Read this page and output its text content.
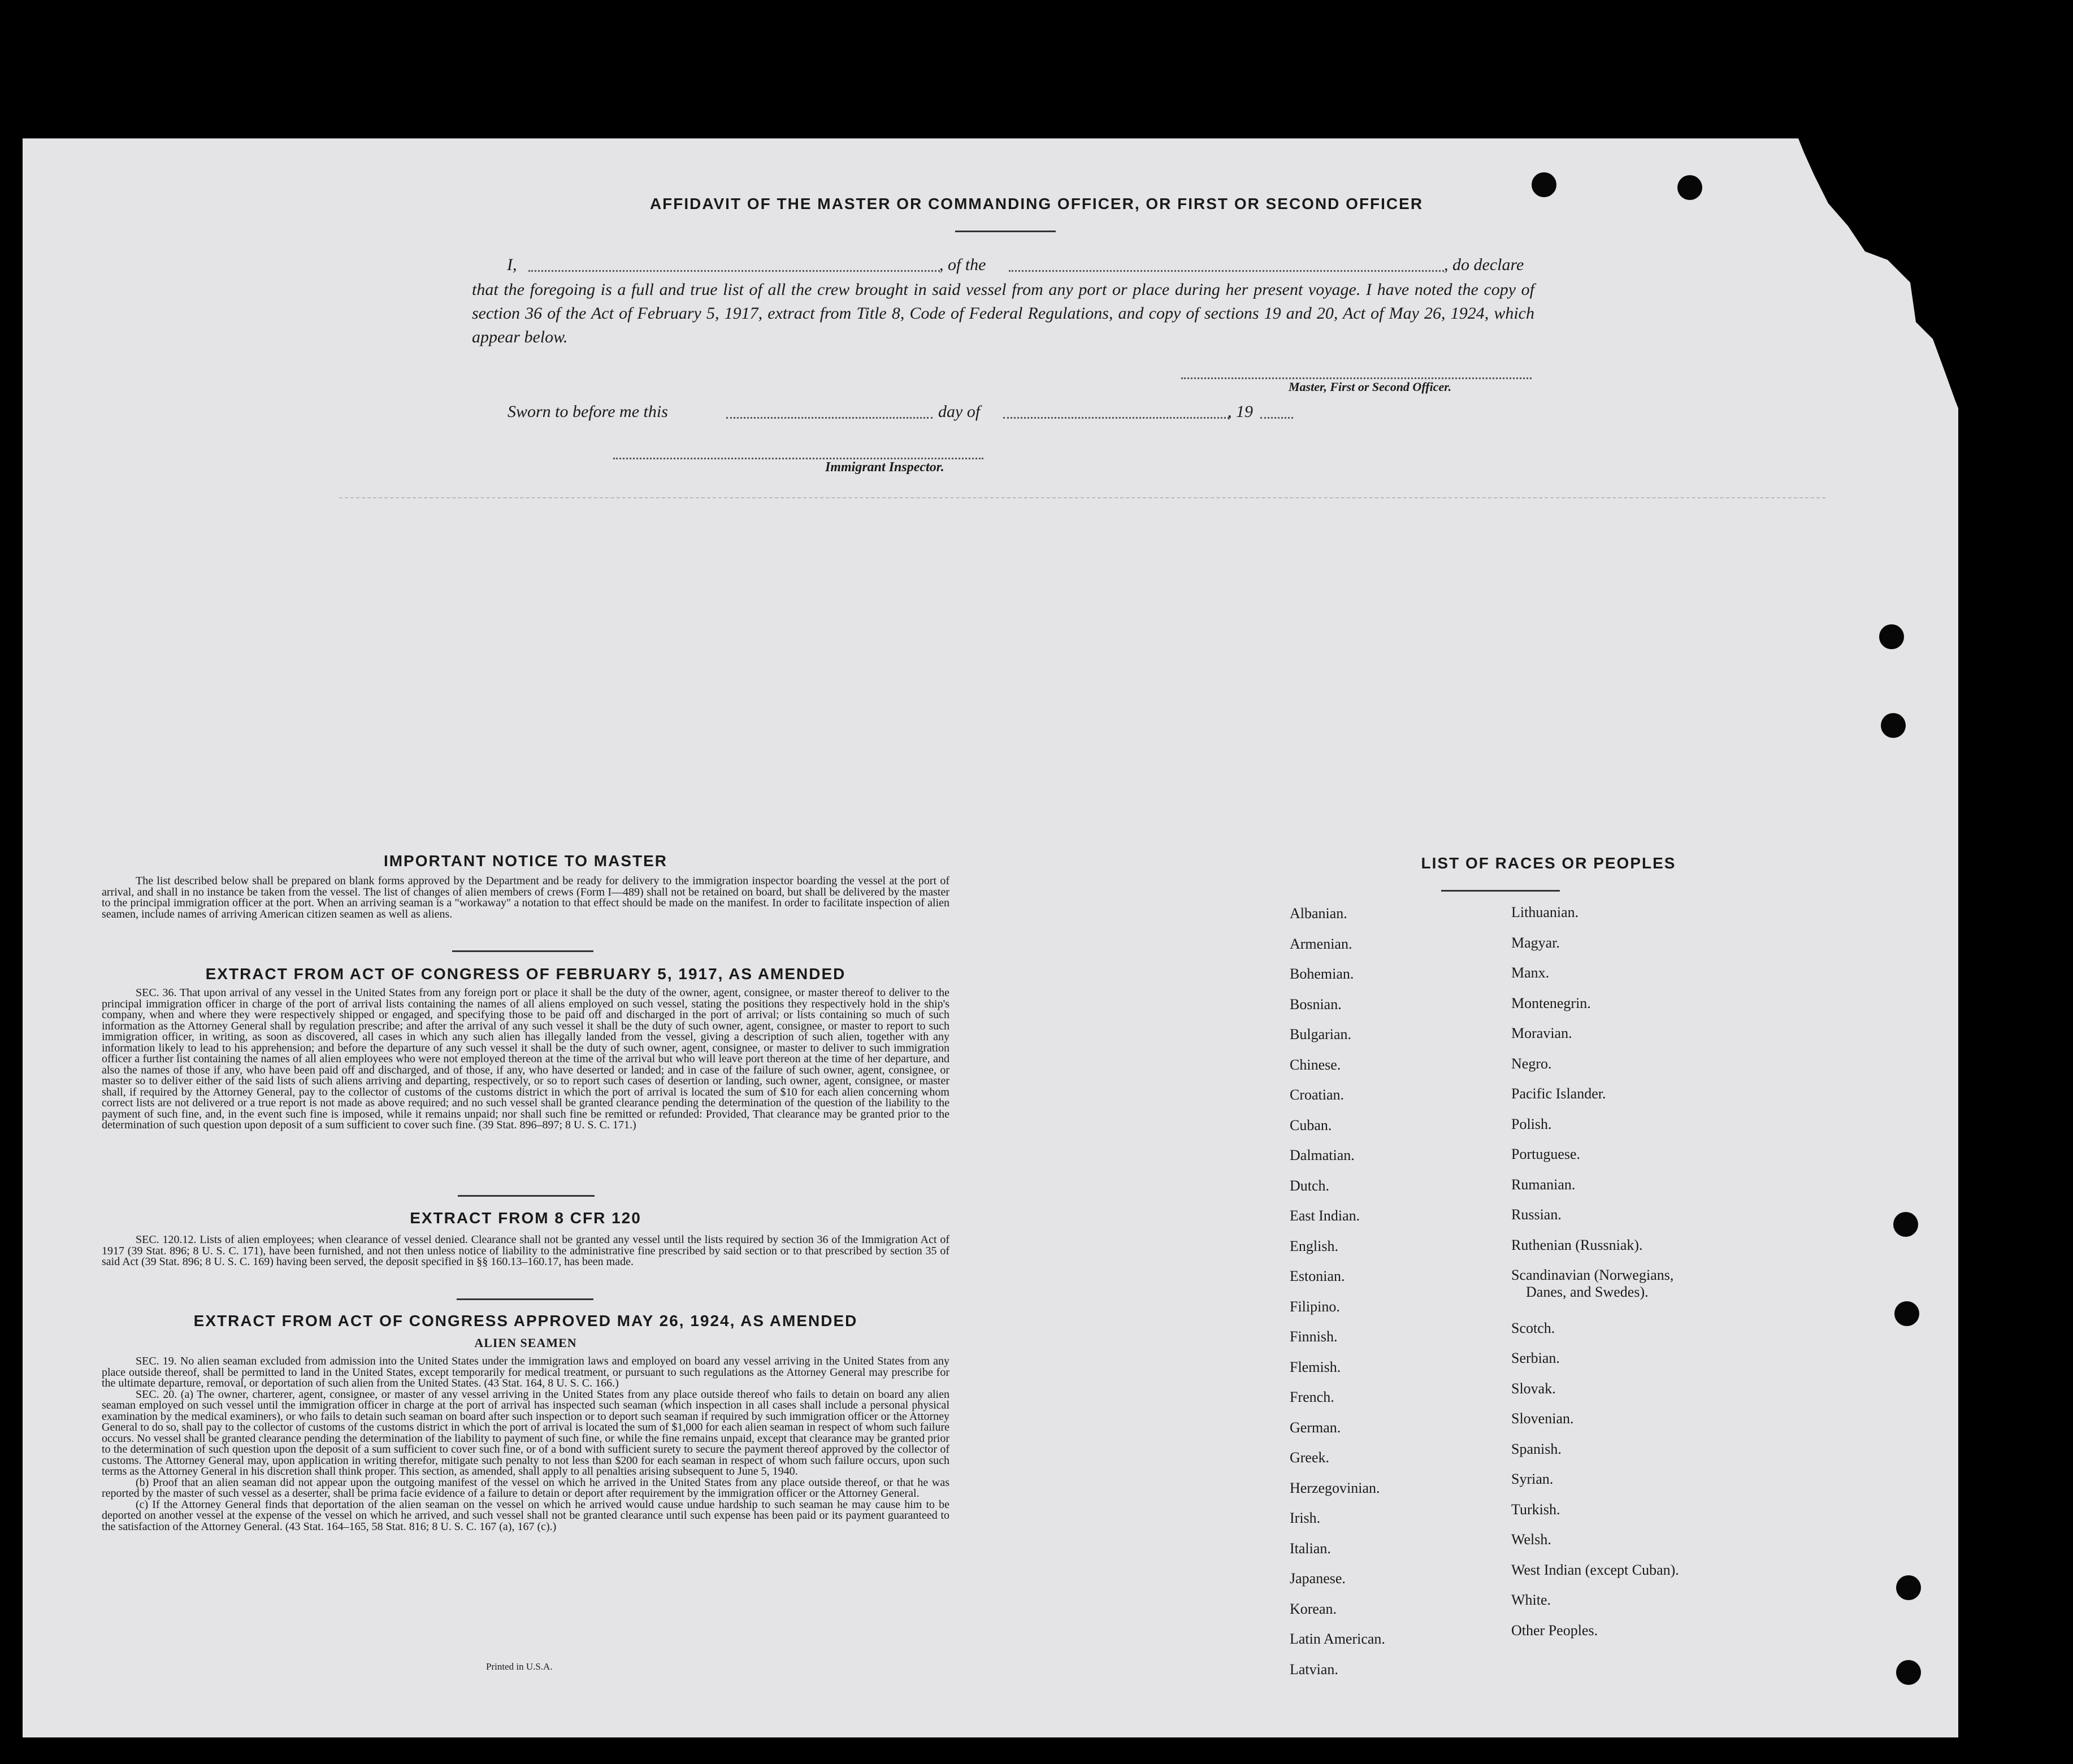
AFFIDAVIT OF THE MASTER OR COMMANDING OFFICER, OR FIRST OR SECOND OFFICER
I,	, of the	, do declare
that the foregoing is a full and true list of all the crew brought in said vessel from any port or place during her present voyage. I have noted the copy of section 36 of the Act of February 5, 1917, extract from Title 8, Code of Federal Regulations, and copy of sections 19 and 20, Act of May 26, 1924, which appear below.
Master, First or Second Officer.
Sworn to before me this	day of	, 19
Immigrant Inspector.
IMPORTANT NOTICE TO MASTER
The list described below shall be prepared on blank forms approved by the Department and be ready for delivery to the immigration inspector boarding the vessel at the port of arrival, and shall in no instance be taken from the vessel. The list of changes of alien members of crews (Form I—489) shall not be retained on board, but shall be delivered by the master to the principal immigration officer at the port. When an arriving seaman is a "workaway" a notation to that effect should be made on the manifest. In order to facilitate inspection of alien seamen, include names of arriving American citizen seamen as well as aliens.
EXTRACT FROM ACT OF CONGRESS OF FEBRUARY 5, 1917, AS AMENDED
SEC. 36. That upon arrival of any vessel in the United States from any foreign port or place it shall be the duty of the owner, agent, consignee, or master thereof to deliver to the principal immigration officer in charge of the port of arrival lists containing the names of all aliens employed on such vessel, stating the positions they respectively hold in the ship's company, when and where they were respectively shipped or engaged, and specifying those to be paid off and discharged in the port of arrival; or lists containing so much of such information as the Attorney General shall by regulation prescribe; and after the arrival of any such vessel it shall be the duty of such owner, agent, consignee, or master to report to such immigration officer, in writing, as soon as discovered, all cases in which any such alien has illegally landed from the vessel, giving a description of such alien, together with any information likely to lead to his apprehension; and before the departure of any such vessel it shall be the duty of such owner, agent, consignee, or master to deliver to such immigration officer a further list containing the names of all alien employees who were not employed thereon at the time of the arrival but who will leave port thereon at the time of her departure, and also the names of those if any, who have been paid off and discharged, and of those, if any, who have deserted or landed; and in case of the failure of such owner, agent, consignee, or master so to deliver either of the said lists of such aliens arriving and departing, respectively, or so to report such cases of desertion or landing, such owner, agent, consignee, or master shall, if required by the Attorney General, pay to the collector of customs of the customs district in which the port of arrival is located the sum of $10 for each alien concerning whom correct lists are not delivered or a true report is not made as above required; and no such vessel shall be granted clearance pending the determination of the question of the liability to the payment of such fine, and, in the event such fine is imposed, while it remains unpaid; nor shall such fine be remitted or refunded: Provided, That clearance may be granted prior to the determination of such question upon deposit of a sum sufficient to cover such fine. (39 Stat. 896–897; 8 U. S. C. 171.)
EXTRACT FROM 8 CFR 120
SEC. 120.12. Lists of alien employees; when clearance of vessel denied. Clearance shall not be granted any vessel until the lists required by section 36 of the Immigration Act of 1917 (39 Stat. 896; 8 U. S. C. 171), have been furnished, and not then unless notice of liability to the administrative fine prescribed by said section or to that prescribed by section 35 of said Act (39 Stat. 896; 8 U. S. C. 169) having been served, the deposit specified in §§ 160.13–160.17, has been made.
EXTRACT FROM ACT OF CONGRESS APPROVED MAY 26, 1924, AS AMENDED
ALIEN SEAMEN
SEC. 19. No alien seaman excluded from admission into the United States under the immigration laws and employed on board any vessel arriving in the United States from any place outside thereof, shall be permitted to land in the United States, except temporarily for medical treatment, or pursuant to such regulations as the Attorney General may prescribe for the ultimate departure, removal, or deportation of such alien from the United States. (43 Stat. 164, 8 U. S. C. 166.)
SEC. 20. (a) The owner, charterer, agent, consignee, or master of any vessel arriving in the United States from any place outside thereof who fails to detain on board any alien seaman employed on such vessel until the immigration officer in charge at the port of arrival has inspected such seaman (which inspection in all cases shall include a personal physical examination by the medical examiners), or who fails to detain such seaman on board after such inspection or to deport such seaman if required by such immigration officer or the Attorney General to do so, shall pay to the collector of customs of the customs district in which the port of arrival is located the sum of $1,000 for each alien seaman in respect of whom such failure occurs. No vessel shall be granted clearance pending the determination of the liability to payment of such fine, or while the fine remains unpaid, except that clearance may be granted prior to the determination of such question upon the deposit of a sum sufficient to cover such fine, or of a bond with sufficient surety to secure the payment thereof approved by the collector of customs. The Attorney General may, upon application in writing therefor, mitigate such penalty to not less than $200 for each seaman in respect of whom such failure occurs, upon such terms as the Attorney General in his discretion shall think proper. This section, as amended, shall apply to all penalties arising subsequent to June 5, 1940.
(b) Proof that an alien seaman did not appear upon the outgoing manifest of the vessel on which he arrived in the United States from any place outside thereof, or that he was reported by the master of such vessel as a deserter, shall be prima facie evidence of a failure to detain or deport after requirement by the immigration officer or the Attorney General.
(c) If the Attorney General finds that deportation of the alien seaman on the vessel on which he arrived would cause undue hardship to such seaman he may cause him to be deported on another vessel at the expense of the vessel on which he arrived, and such vessel shall not be granted clearance until such expense has been paid or its payment guaranteed to the satisfaction of the Attorney General. (43 Stat. 164–165, 58 Stat. 816; 8 U. S. C. 167 (a), 167 (c).)
Printed in U.S.A.
LIST OF RACES OR PEOPLES
Albanian.
Armenian.
Bohemian.
Bosnian.
Bulgarian.
Chinese.
Croatian.
Cuban.
Dalmatian.
Dutch.
East Indian.
English.
Estonian.
Filipino.
Finnish.
Flemish.
French.
German.
Greek.
Herzegovinian.
Irish.
Italian.
Japanese.
Korean.
Latin American.
Latvian.
Lithuanian.
Magyar.
Manx.
Montenegrin.
Moravian.
Negro.
Pacific Islander.
Polish.
Portuguese.
Rumanian.
Russian.
Ruthenian (Russniak).
Scandinavian (Norwegians,
Danes, and Swedes).
Scotch.
Serbian.
Slovak.
Slovenian.
Spanish.
Syrian.
Turkish.
Welsh.
West Indian (except Cuban).
White.
Other Peoples.
